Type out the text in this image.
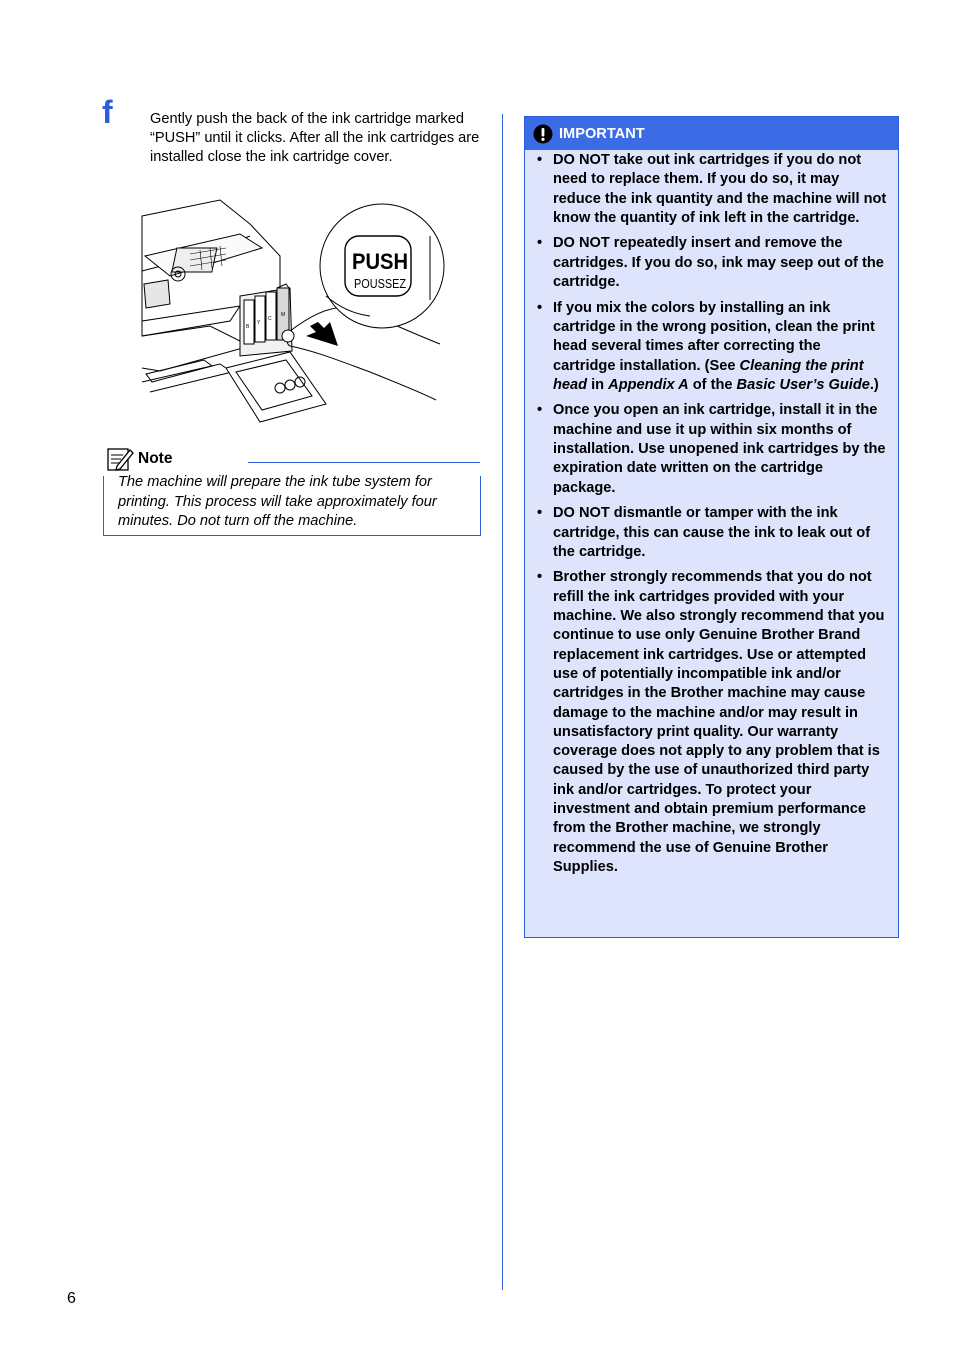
f	Gently push the back of the ink cartridge marked “PUSH” until it clicks. After all the ink cartridges are installed close the ink cartridge cover.
PUSH
POUSSEZ
B
Y
C
M
Note
The machine will prepare the ink tube system for printing. This process will take approximately four minutes. Do not turn off the machine.
IMPORTANT
• DO NOT take out ink cartridges if you do not need to replace them. If you do so, it may reduce the ink quantity and the machine will not know the quantity of ink left in the cartridge.
• DO NOT repeatedly insert and remove the cartridges. If you do so, ink may seep out of the cartridge.
• If you mix the colors by installing an ink cartridge in the wrong position, clean the print head several times after correcting the cartridge installation. (See Cleaning the print head in Appendix A of the Basic User’s Guide.)
• Once you open an ink cartridge, install it in the machine and use it up within six months of installation. Use unopened ink cartridges by the expiration date written on the cartridge package.
• DO NOT dismantle or tamper with the ink cartridge, this can cause the ink to leak out of the cartridge.
• Brother strongly recommends that you do not refill the ink cartridges provided with your machine. We also strongly recommend that you continue to use only Genuine Brother Brand replacement ink cartridges. Use or attempted use of potentially incompatible ink and/or cartridges in the Brother machine may cause damage to the machine and/or may result in unsatisfactory print quality. Our warranty coverage does not apply to any problem that is caused by the use of unauthorized third party ink and/or cartridges. To protect your investment and obtain premium performance from the Brother machine, we strongly recommend the use of Genuine Brother Supplies.
6
